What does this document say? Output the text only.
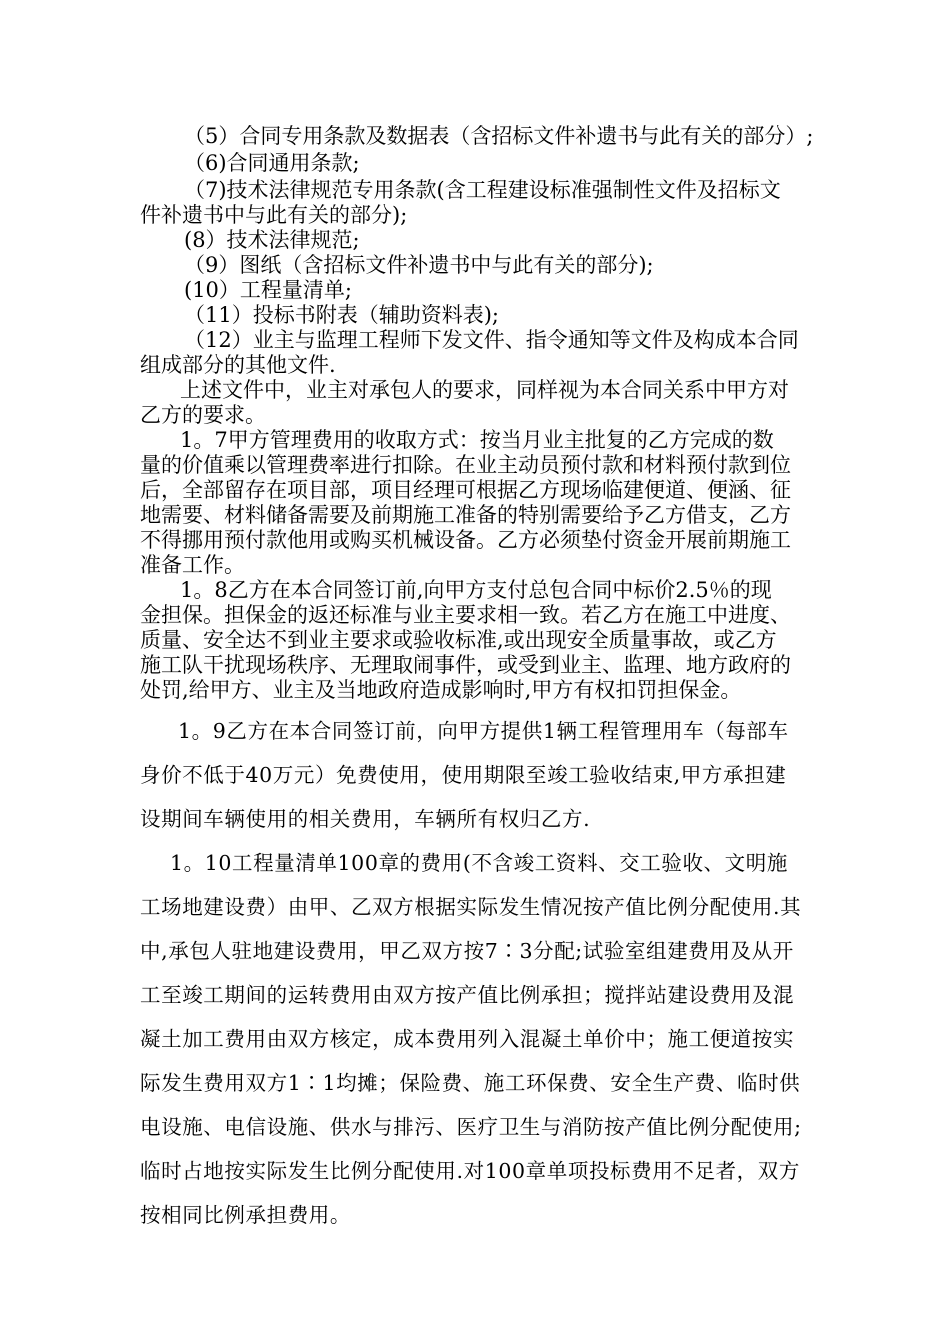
（5）合同专用条款及数据表（含招标文件补遗书与此有关的部分）;
（6)合同通用条款;
（7)技术法律规范专用条款(含工程建设标准强制性文件及招标文
件补遗书中与此有关的部分);
(8）技术法律规范;
（9）图纸（含招标文件补遗书中与此有关的部分);
(10）工程量清单;
（11）投标书附表（辅助资料表);
（12）业主与监理工程师下发文件、指令通知等文件及构成本合同
组成部分的其他文件.
上述文件中，业主对承包人的要求，同样视为本合同关系中甲方对
乙方的要求。
1。7甲方管理费用的收取方式：按当月业主批复的乙方完成的数
量的价值乘以管理费率进行扣除。在业主动员预付款和材料预付款到位
后，全部留存在项目部，项目经理可根据乙方现场临建便道、便涵、征
地需要、材料储备需要及前期施工准备的特别需要给予乙方借支，乙方
不得挪用预付款他用或购买机械设备。乙方必须垫付资金开展前期施工
准备工作。
1。8乙方在本合同签订前,向甲方支付总包合同中标价2.5％的现
金担保。担保金的返还标准与业主要求相一致。若乙方在施工中进度、
质量、安全达不到业主要求或验收标准,或出现安全质量事故，或乙方
施工队干扰现场秩序、无理取闹事件，或受到业主、监理、地方政府的
处罚,给甲方、业主及当地政府造成影响时,甲方有权扣罚担保金。
1。9乙方在本合同签订前，向甲方提供1辆工程管理用车（每部车
身价不低于40万元）免费使用，使用期限至竣工验收结束,甲方承担建
设期间车辆使用的相关费用，车辆所有权归乙方.
1。10工程量清单100章的费用(不含竣工资料、交工验收、文明施
工场地建设费）由甲、乙双方根据实际发生情况按产值比例分配使用.其
中,承包人驻地建设费用，甲乙双方按7∶3分配;试验室组建费用及从开
工至竣工期间的运转费用由双方按产值比例承担；搅拌站建设费用及混
凝土加工费用由双方核定，成本费用列入混凝土单价中；施工便道按实
际发生费用双方1∶1均摊；保险费、施工环保费、安全生产费、临时供
电设施、电信设施、供水与排污、医疗卫生与消防按产值比例分配使用;
临时占地按实际发生比例分配使用.对100章单项投标费用不足者，双方
按相同比例承担费用。
